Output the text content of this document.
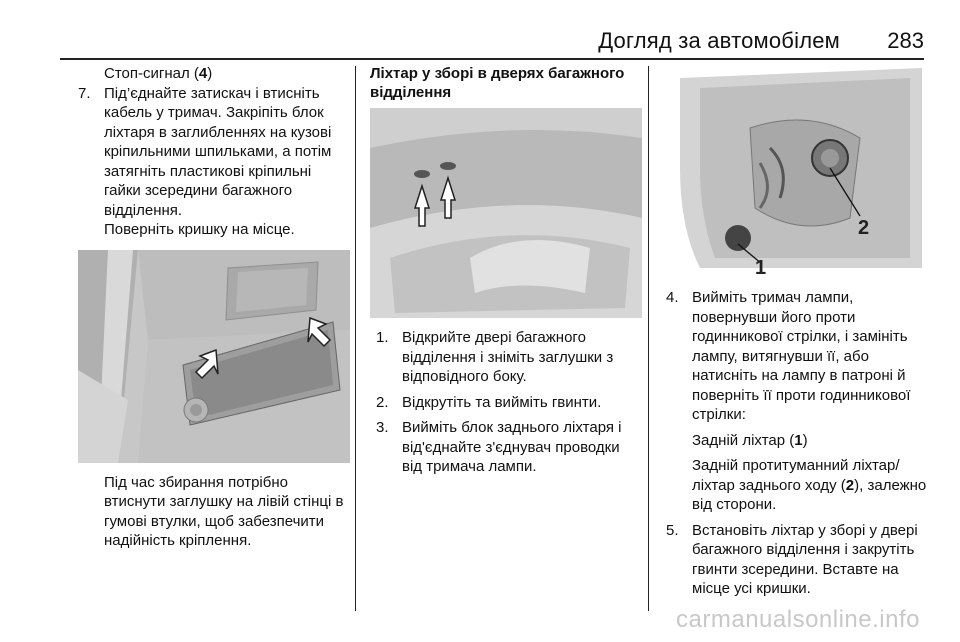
Догляд за автомобілем 283

Стоп-сигнал (4)

7. Під’єднайте затискач і втисніть кабель у тримач. Закріпіть блок ліхтаря в заглибленнях на кузові кріпильними шпильками, а потім затягніть пластикові кріпильні гайки зсередини багажного відділення.

Поверніть кришку на місце.

Під час збирання потрібно втиснути заглушку на лівій стінці в гумові втулки, щоб забезпечити надійність кріплення.

Ліхтар у зборі в дверях багажного відділення

1. Відкрийте двері багажного відділення і зніміть заглушки з відповідного боку.

2. Відкрутіть та вийміть гвинти.

3. Вийміть блок заднього ліхтаря і від'єднайте з'єднувач проводки від тримача лампи.

2
1
4. Вийміть тримач лампи, повернувши його проти годинникової стрілки, і замініть лампу, витягнувши її, або натисніть на лампу в патроні й поверніть її проти годинникової стрілки:

Задній ліхтар (1)

Задній протитуманний ліхтар/ ліхтар заднього ходу (2), залежно від сторони.

5. Встановіть ліхтар у зборі у двері багажного відділення і закрутіть гвинти зсередини. Вставте на місце усі кришки.

carmanualsonline.info
